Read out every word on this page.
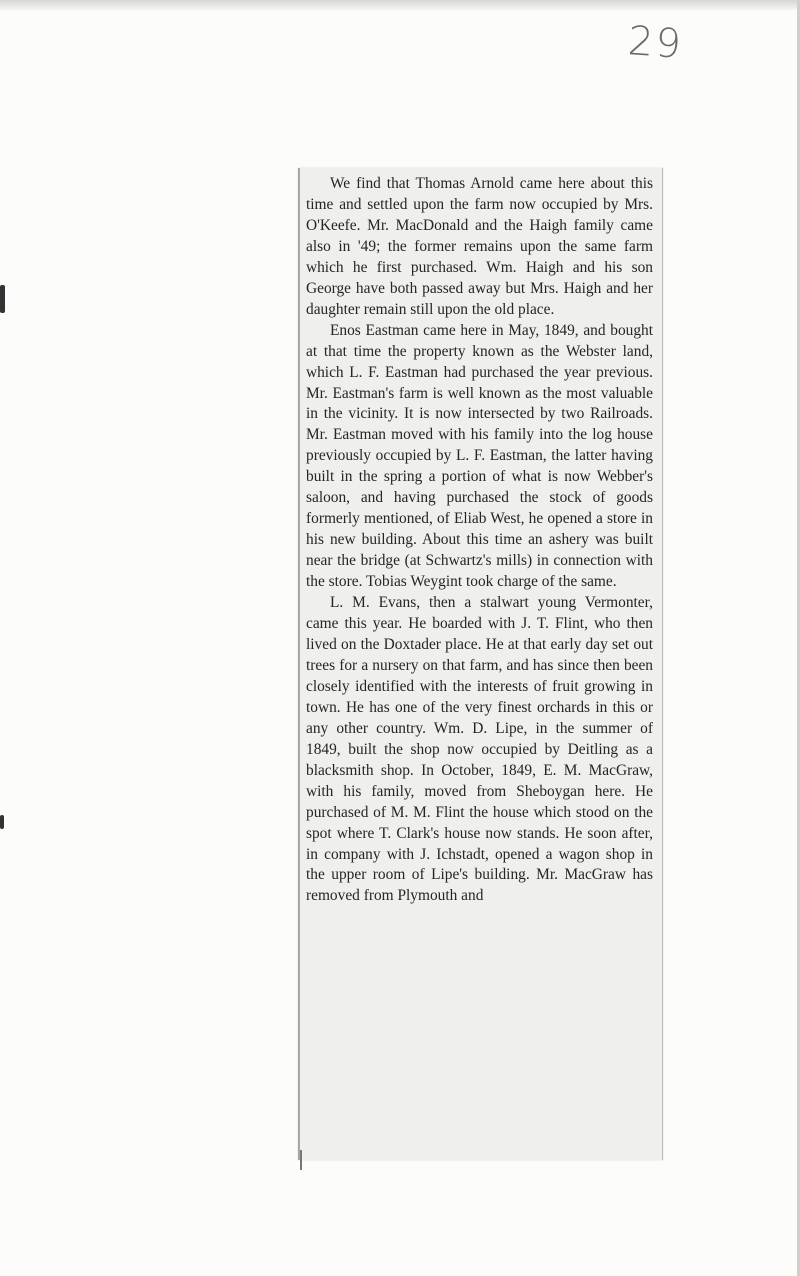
29

We find that Thomas Arnold came here about this time and settled upon the farm now occupied by Mrs. O'Keefe. Mr. MacDonald and the Haigh family came also in '49; the former remains upon the same farm which he first purchased. Wm. Haigh and his son George have both passed away but Mrs. Haigh and her daughter remain still upon the old place.

Enos Eastman came here in May, 1849, and bought at that time the property known as the Webster land, which L. F. Eastman had purchased the year previous. Mr. Eastman's farm is well known as the most valuable in the vicinity. It is now intersected by two Railroads. Mr. Eastman moved with his family into the log house previously occupied by L. F. Eastman, the latter having built in the spring a portion of what is now Webber's saloon, and having purchased the stock of goods formerly mentioned, of Eliab West, he opened a store in his new building. About this time an ashery was built near the bridge (at Schwartz's mills) in connection with the store. Tobias Weygint took charge of the same.

L. M. Evans, then a stalwart young Vermonter, came this year. He boarded with J. T. Flint, who then lived on the Doxtader place. He at that early day set out trees for a nursery on that farm, and has since then been closely identified with the interests of fruit growing in town. He has one of the very finest orchards in this or any other country. Wm. D. Lipe, in the summer of 1849, built the shop now occupied by Deitling as a blacksmith shop. In October, 1849, E. M. MacGraw, with his family, moved from Sheboygan here. He purchased of M. M. Flint the house which stood on the spot where T. Clark's house now stands. He soon after, in company with J. Ichstadt, opened a wagon shop in the upper room of Lipe's building. Mr. MacGraw has removed from Plymouth and
